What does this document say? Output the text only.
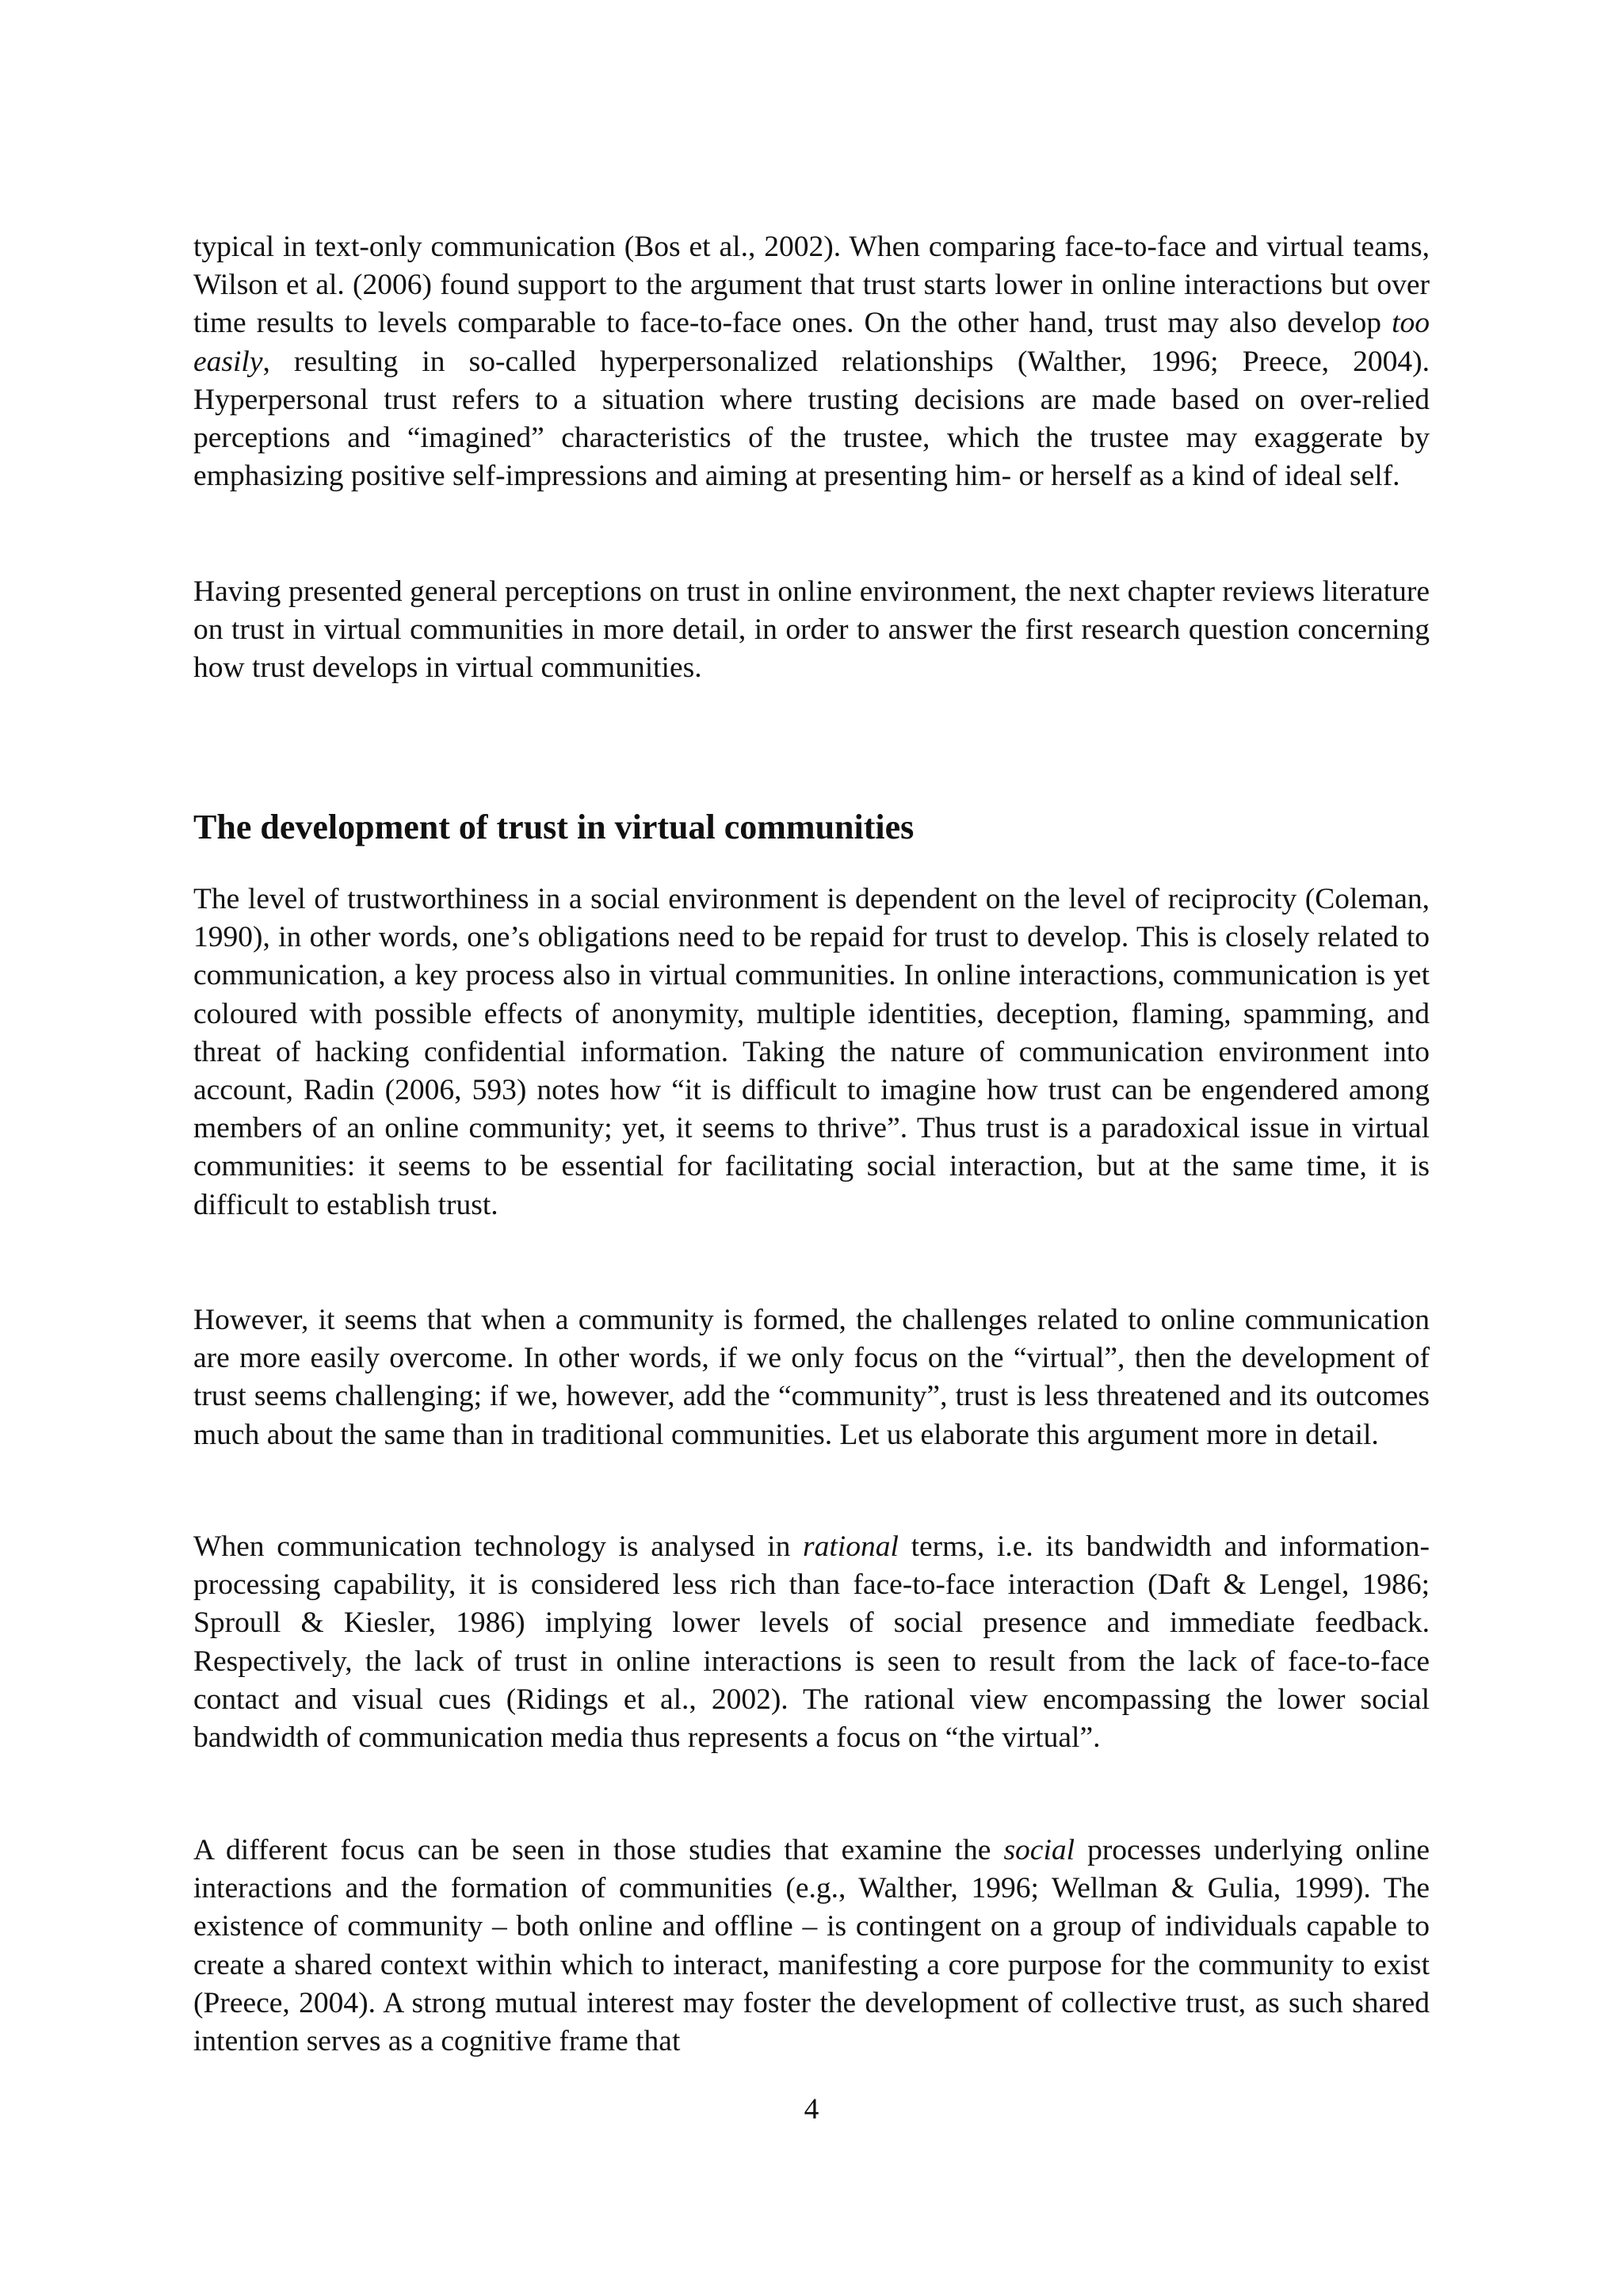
typical in text-only communication (Bos et al., 2002). When comparing face-to-face and virtual teams, Wilson et al. (2006) found support to the argument that trust starts lower in online interactions but over time results to levels comparable to face-to-face ones. On the other hand, trust may also develop too easily, resulting in so-called hyperpersonalized relationships (Walther, 1996; Preece, 2004). Hyperpersonal trust refers to a situation where trusting decisions are made based on over-relied perceptions and “imagined” characteristics of the trustee, which the trustee may exaggerate by emphasizing positive self-impressions and aiming at presenting him- or herself as a kind of ideal self.

Having presented general perceptions on trust in online environment, the next chapter reviews literature on trust in virtual communities in more detail, in order to answer the first research question concerning how trust develops in virtual communities.

The development of trust in virtual communities

The level of trustworthiness in a social environment is dependent on the level of reciprocity (Coleman, 1990), in other words, one’s obligations need to be repaid for trust to develop. This is closely related to communication, a key process also in virtual communities. In online interactions, communication is yet coloured with possible effects of anonymity, multiple identities, deception, flaming, spamming, and threat of hacking confidential information. Taking the nature of communication environment into account, Radin (2006, 593) notes how “it is difficult to imagine how trust can be engendered among members of an online community; yet, it seems to thrive”. Thus trust is a paradoxical issue in virtual communities: it seems to be essential for facilitating social interaction, but at the same time, it is difficult to establish trust.

However, it seems that when a community is formed, the challenges related to online communication are more easily overcome. In other words, if we only focus on the “virtual”, then the development of trust seems challenging; if we, however, add the “community”, trust is less threatened and its outcomes much about the same than in traditional communities. Let us elaborate this argument more in detail.

When communication technology is analysed in rational terms, i.e. its bandwidth and information-processing capability, it is considered less rich than face-to-face interaction (Daft & Lengel, 1986; Sproull & Kiesler, 1986) implying lower levels of social presence and immediate feedback. Respectively, the lack of trust in online interactions is seen to result from the lack of face-to-face contact and visual cues (Ridings et al., 2002). The rational view encompassing the lower social bandwidth of communication media thus represents a focus on “the virtual”.

A different focus can be seen in those studies that examine the social processes underlying online interactions and the formation of communities (e.g., Walther, 1996; Wellman & Gulia, 1999). The existence of community – both online and offline – is contingent on a group of individuals capable to create a shared context within which to interact, manifesting a core purpose for the community to exist (Preece, 2004). A strong mutual interest may foster the development of collective trust, as such shared intention serves as a cognitive frame that

4
